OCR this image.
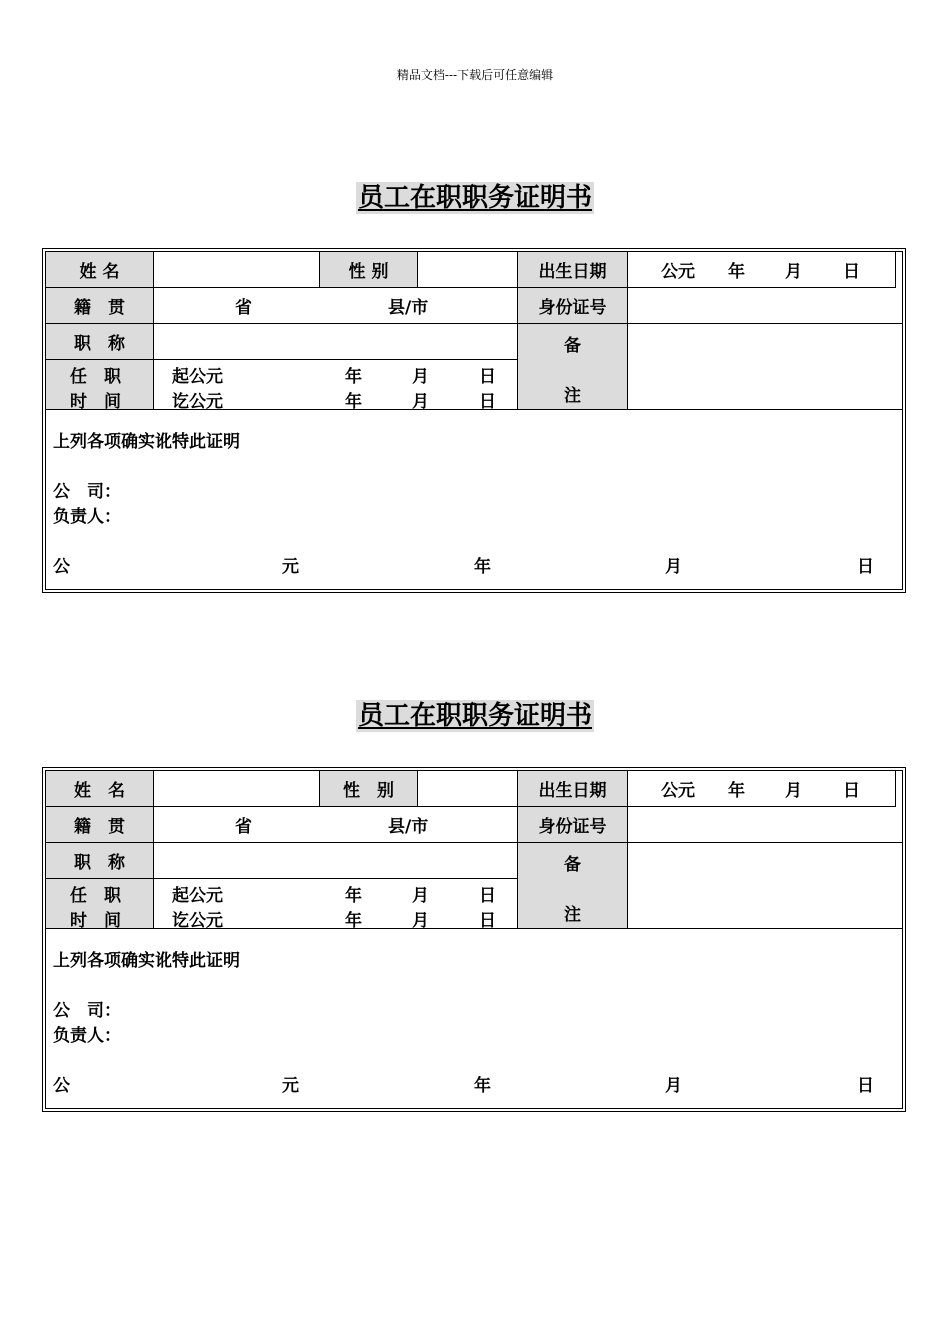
精品文档---下载后可任意编辑
员工在职职务证明书
姓 名	性 别	出生日期	公元 年 月 日
籍　贯	省	县/市	身份证号
职　称	备
注
任　职
时　间
起公元	年	月	日
讫公元	年	月	日
上列各项确实讹特此证明
公　司：
负责人：
公	元	年	月	日
员工在职职务证明书
姓　名	性　别	出生日期	公元 年 月 日
籍　贯	省	县/市	身份证号
职　称	备
注
任　职
时　间
起公元	年	月	日
讫公元	年	月	日
上列各项确实讹特此证明
公　司：
负责人：
公	元	年	月	日
